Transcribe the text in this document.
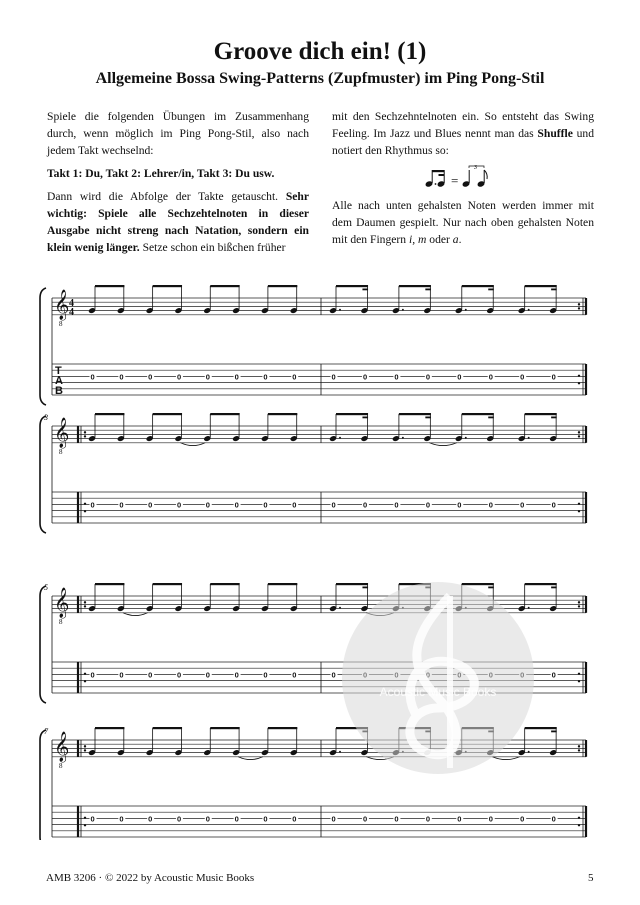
Groove dich ein! (1)
Allgemeine Bossa Swing-Patterns (Zupfmuster) im Ping Pong-Stil

Spiele die folgenden Übungen im Zusammenhang durch, wenn möglich im Ping Pong-Stil, also nach jedem Takt wechselnd:

Takt 1: Du, Takt 2: Lehrer/in, Takt 3: Du usw.

Dann wird die Abfolge der Takte getauscht. Sehr wichtig: Spiele alle Sechzehtelnoten in dieser Ausgabe nicht streng nach Natation, sondern ein klein wenig länger. Setze schon ein bißchen früher

mit den Sechzehntelnoten ein. So entsteht das Swing Feeling. Im Jazz und Blues nennt man das Shuffle und notiert den Rhythmus so:

=
3

Alle nach unten gehalsten Noten werden immer mit dem Daumen gespielt. Nur nach oben gehalsten Noten mit den Fingern i, m oder a.

𝄞
8
4
4
T
A
B
0	0	0	0	0	0	0	0	0	0	0	0	0	0	0	0
3
𝄞
8
0	0	0	0	0	0	0	0	0	0	0	0	0	0	0	0
5
𝄞
8
0	0	0	0	0	0	0	0	0	0
7
𝄞
8
0	0	0	0	0	0	0	0	0	0	0	0	0	0	0	0
Acoustic Music Books
AMB 3206 · © 2022 by Acoustic Music Books	5
